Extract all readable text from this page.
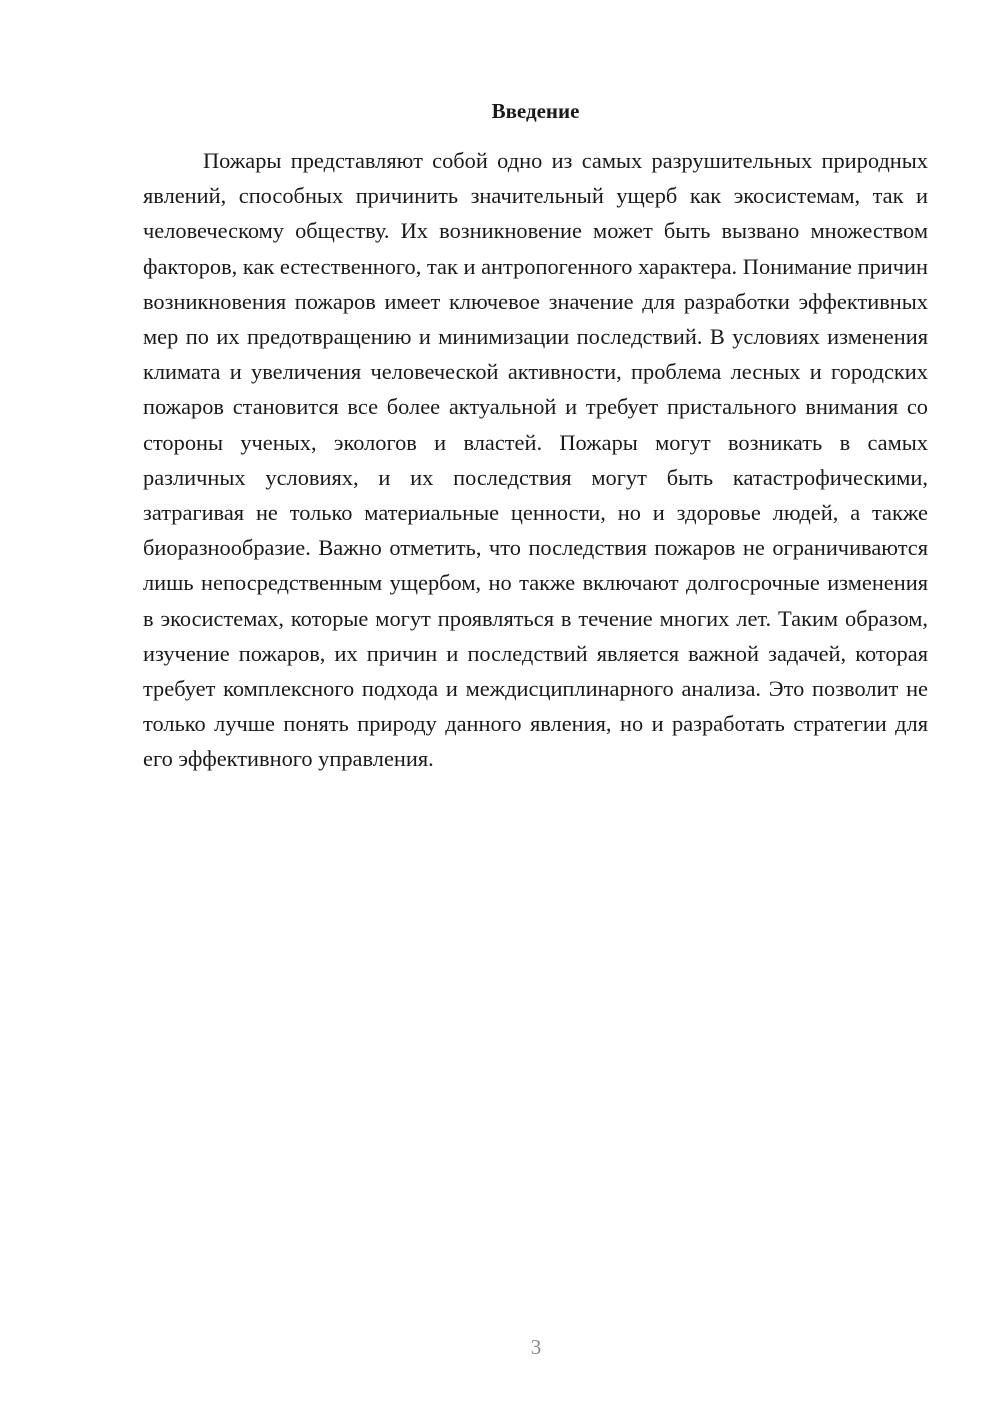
Введение

Пожары представляют собой одно из самых разрушительных природных явлений, способных причинить значительный ущерб как экосистемам, так и человеческому обществу. Их возникновение может быть вызвано множеством факторов, как естественного, так и антропогенного характера. Понимание причин возникновения пожаров имеет ключевое значение для разработки эффективных мер по их предотвращению и минимизации последствий. В условиях изменения климата и увеличения человеческой активности, проблема лесных и городских пожаров становится все более актуальной и требует пристального внимания со стороны ученых, экологов и властей. Пожары могут возникать в самых различных условиях, и их последствия могут быть катастрофическими, затрагивая не только материальные ценности, но и здоровье людей, а также биоразнообразие. Важно отметить, что последствия пожаров не ограничиваются лишь непосредственным ущербом, но также включают долгосрочные изменения в экосистемах, которые могут проявляться в течение многих лет. Таким образом, изучение пожаров, их причин и последствий является важной задачей, которая требует комплексного подхода и междисциплинарного анализа. Это позволит не только лучше понять природу данного явления, но и разработать стратегии для его эффективного управления.

3
